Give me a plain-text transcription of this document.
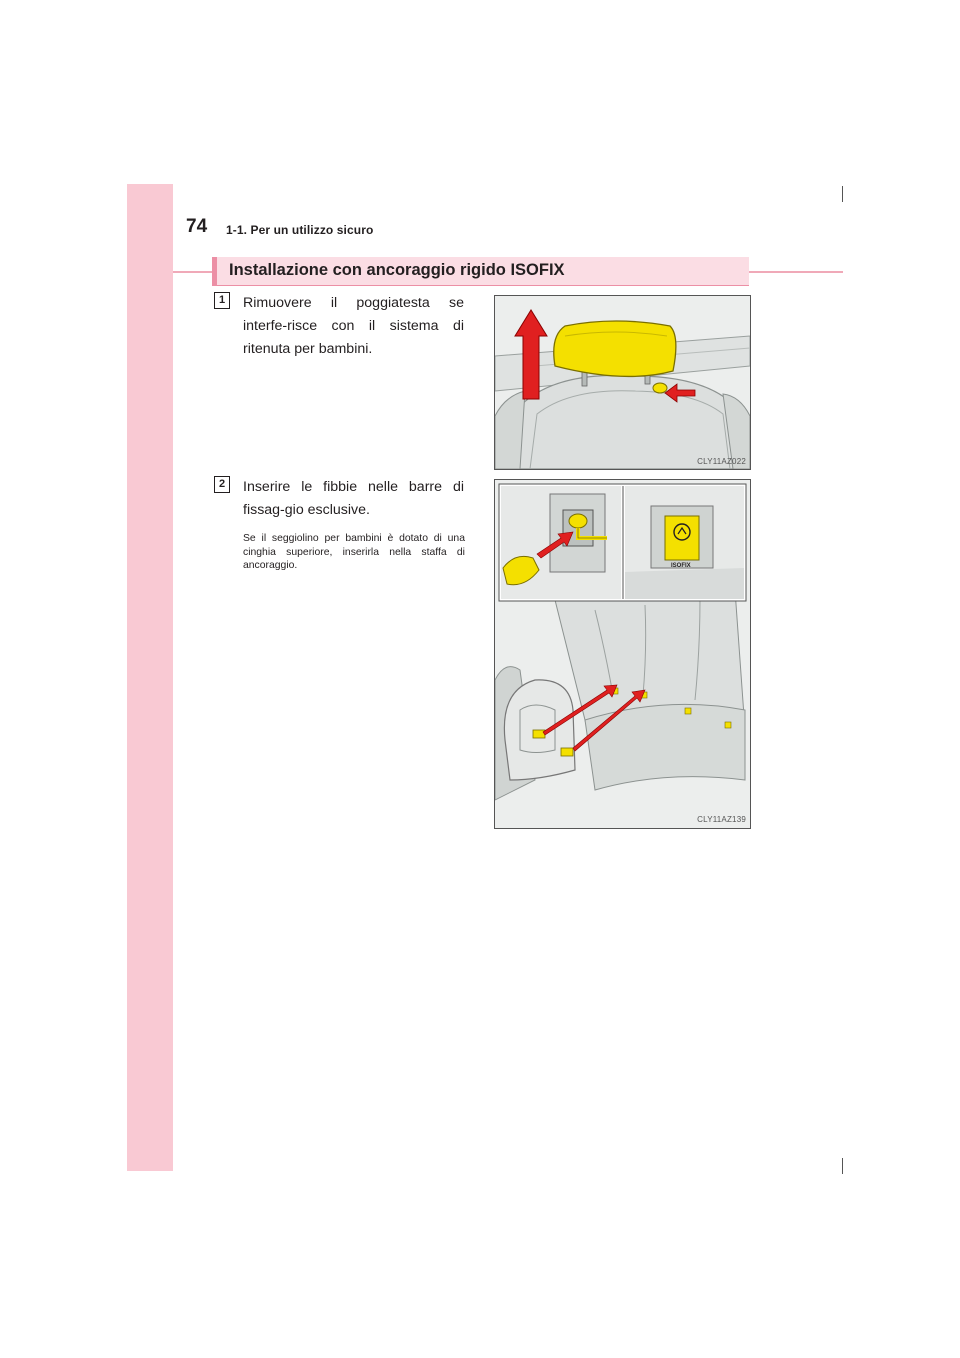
74 1-1. Per un utilizzo sicuro
Installazione con ancoraggio rigido ISOFIX
1	Rimuovere il poggiatesta se interfe-risce con il sistema di ritenuta per bambini.
CLY11AZ022
2	Inserire le fibbie nelle barre di fissag-gio esclusive.
Se il seggiolino per bambini è dotato di una cinghia superiore, inserirla nella staffa di ancoraggio.	ISOFIX
CLY11AZ139
